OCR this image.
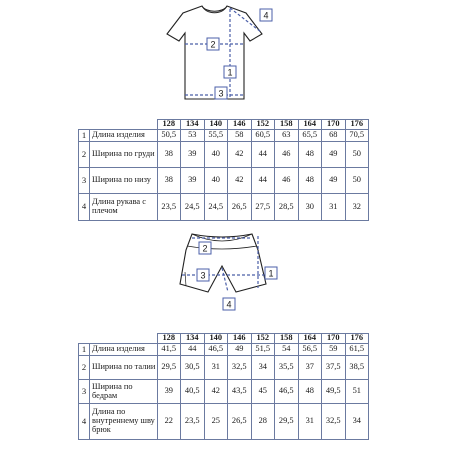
2
1
3
4
		128	134	140	146	152	158	164	170	176
1	Длина изделия	50,5	53	55,5	58	60,5	63	65,5	68	70,5
2	Ширина по груди	38	39	40	42	44	46	48	49	50
3	Ширина по низу	38	39	40	42	44	46	48	49	50
4	Длина рукава с плечом	23,5	24,5	24,5	26,5	27,5	28,5	30	31	32
2
3	1
4
		128	134	140	146	152	158	164	170	176
1	Длина изделия	41,5	44	46,5	49	51,5	54	56,5	59	61,5
2	Ширина по талии	29,5	30,5	31	32,5	34	35,5	37	37,5	38,5
3	Ширина по бедрам	39	40,5	42	43,5	45	46,5	48	49,5	51
4	Длина по внутреннему шву брюк	22	23,5	25	26,5	28	29,5	31	32,5	34
